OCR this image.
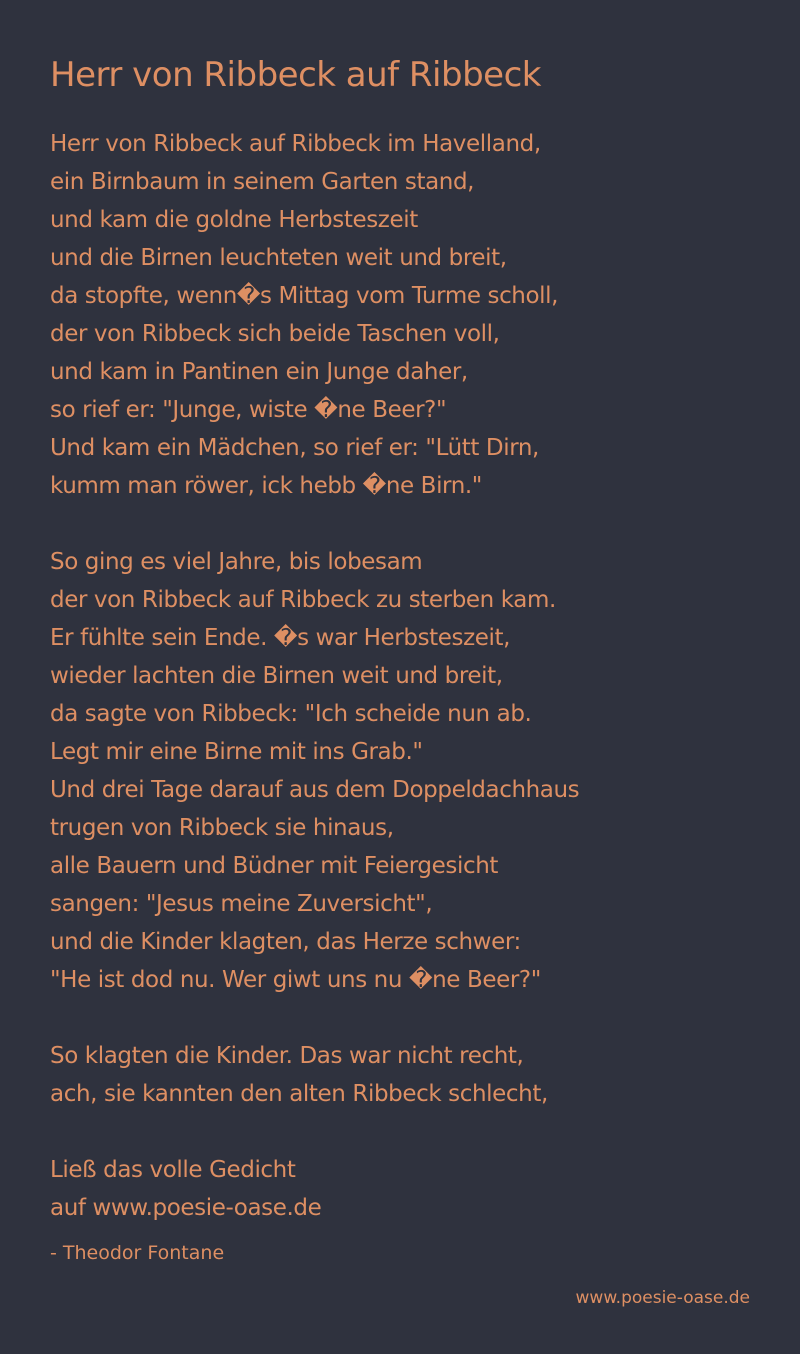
Herr von Ribbeck auf Ribbeck

Herr von Ribbeck auf Ribbeck im Havelland,
ein Birnbaum in seinem Garten stand,
und kam die goldne Herbsteszeit
und die Birnen leuchteten weit und breit,
da stopfte, wenn�s Mittag vom Turme scholl,
der von Ribbeck sich beide Taschen voll,
und kam in Pantinen ein Junge daher,
so rief er: "Junge, wiste �ne Beer?"
Und kam ein Mädchen, so rief er: "Lütt Dirn,
kumm man röwer, ick hebb �ne Birn."

So ging es viel Jahre, bis lobesam
der von Ribbeck auf Ribbeck zu sterben kam.
Er fühlte sein Ende. �s war Herbsteszeit,
wieder lachten die Birnen weit und breit,
da sagte von Ribbeck: "Ich scheide nun ab.
Legt mir eine Birne mit ins Grab."
Und drei Tage darauf aus dem Doppeldachhaus
trugen von Ribbeck sie hinaus,
alle Bauern und Büdner mit Feiergesicht
sangen: "Jesus meine Zuversicht",
und die Kinder klagten, das Herze schwer:
"He ist dod nu. Wer giwt uns nu �ne Beer?"

So klagten die Kinder. Das war nicht recht,
ach, sie kannten den alten Ribbeck schlecht,

Ließ das volle Gedicht
auf www.poesie-oase.de

- Theodor Fontane
www.poesie-oase.de
